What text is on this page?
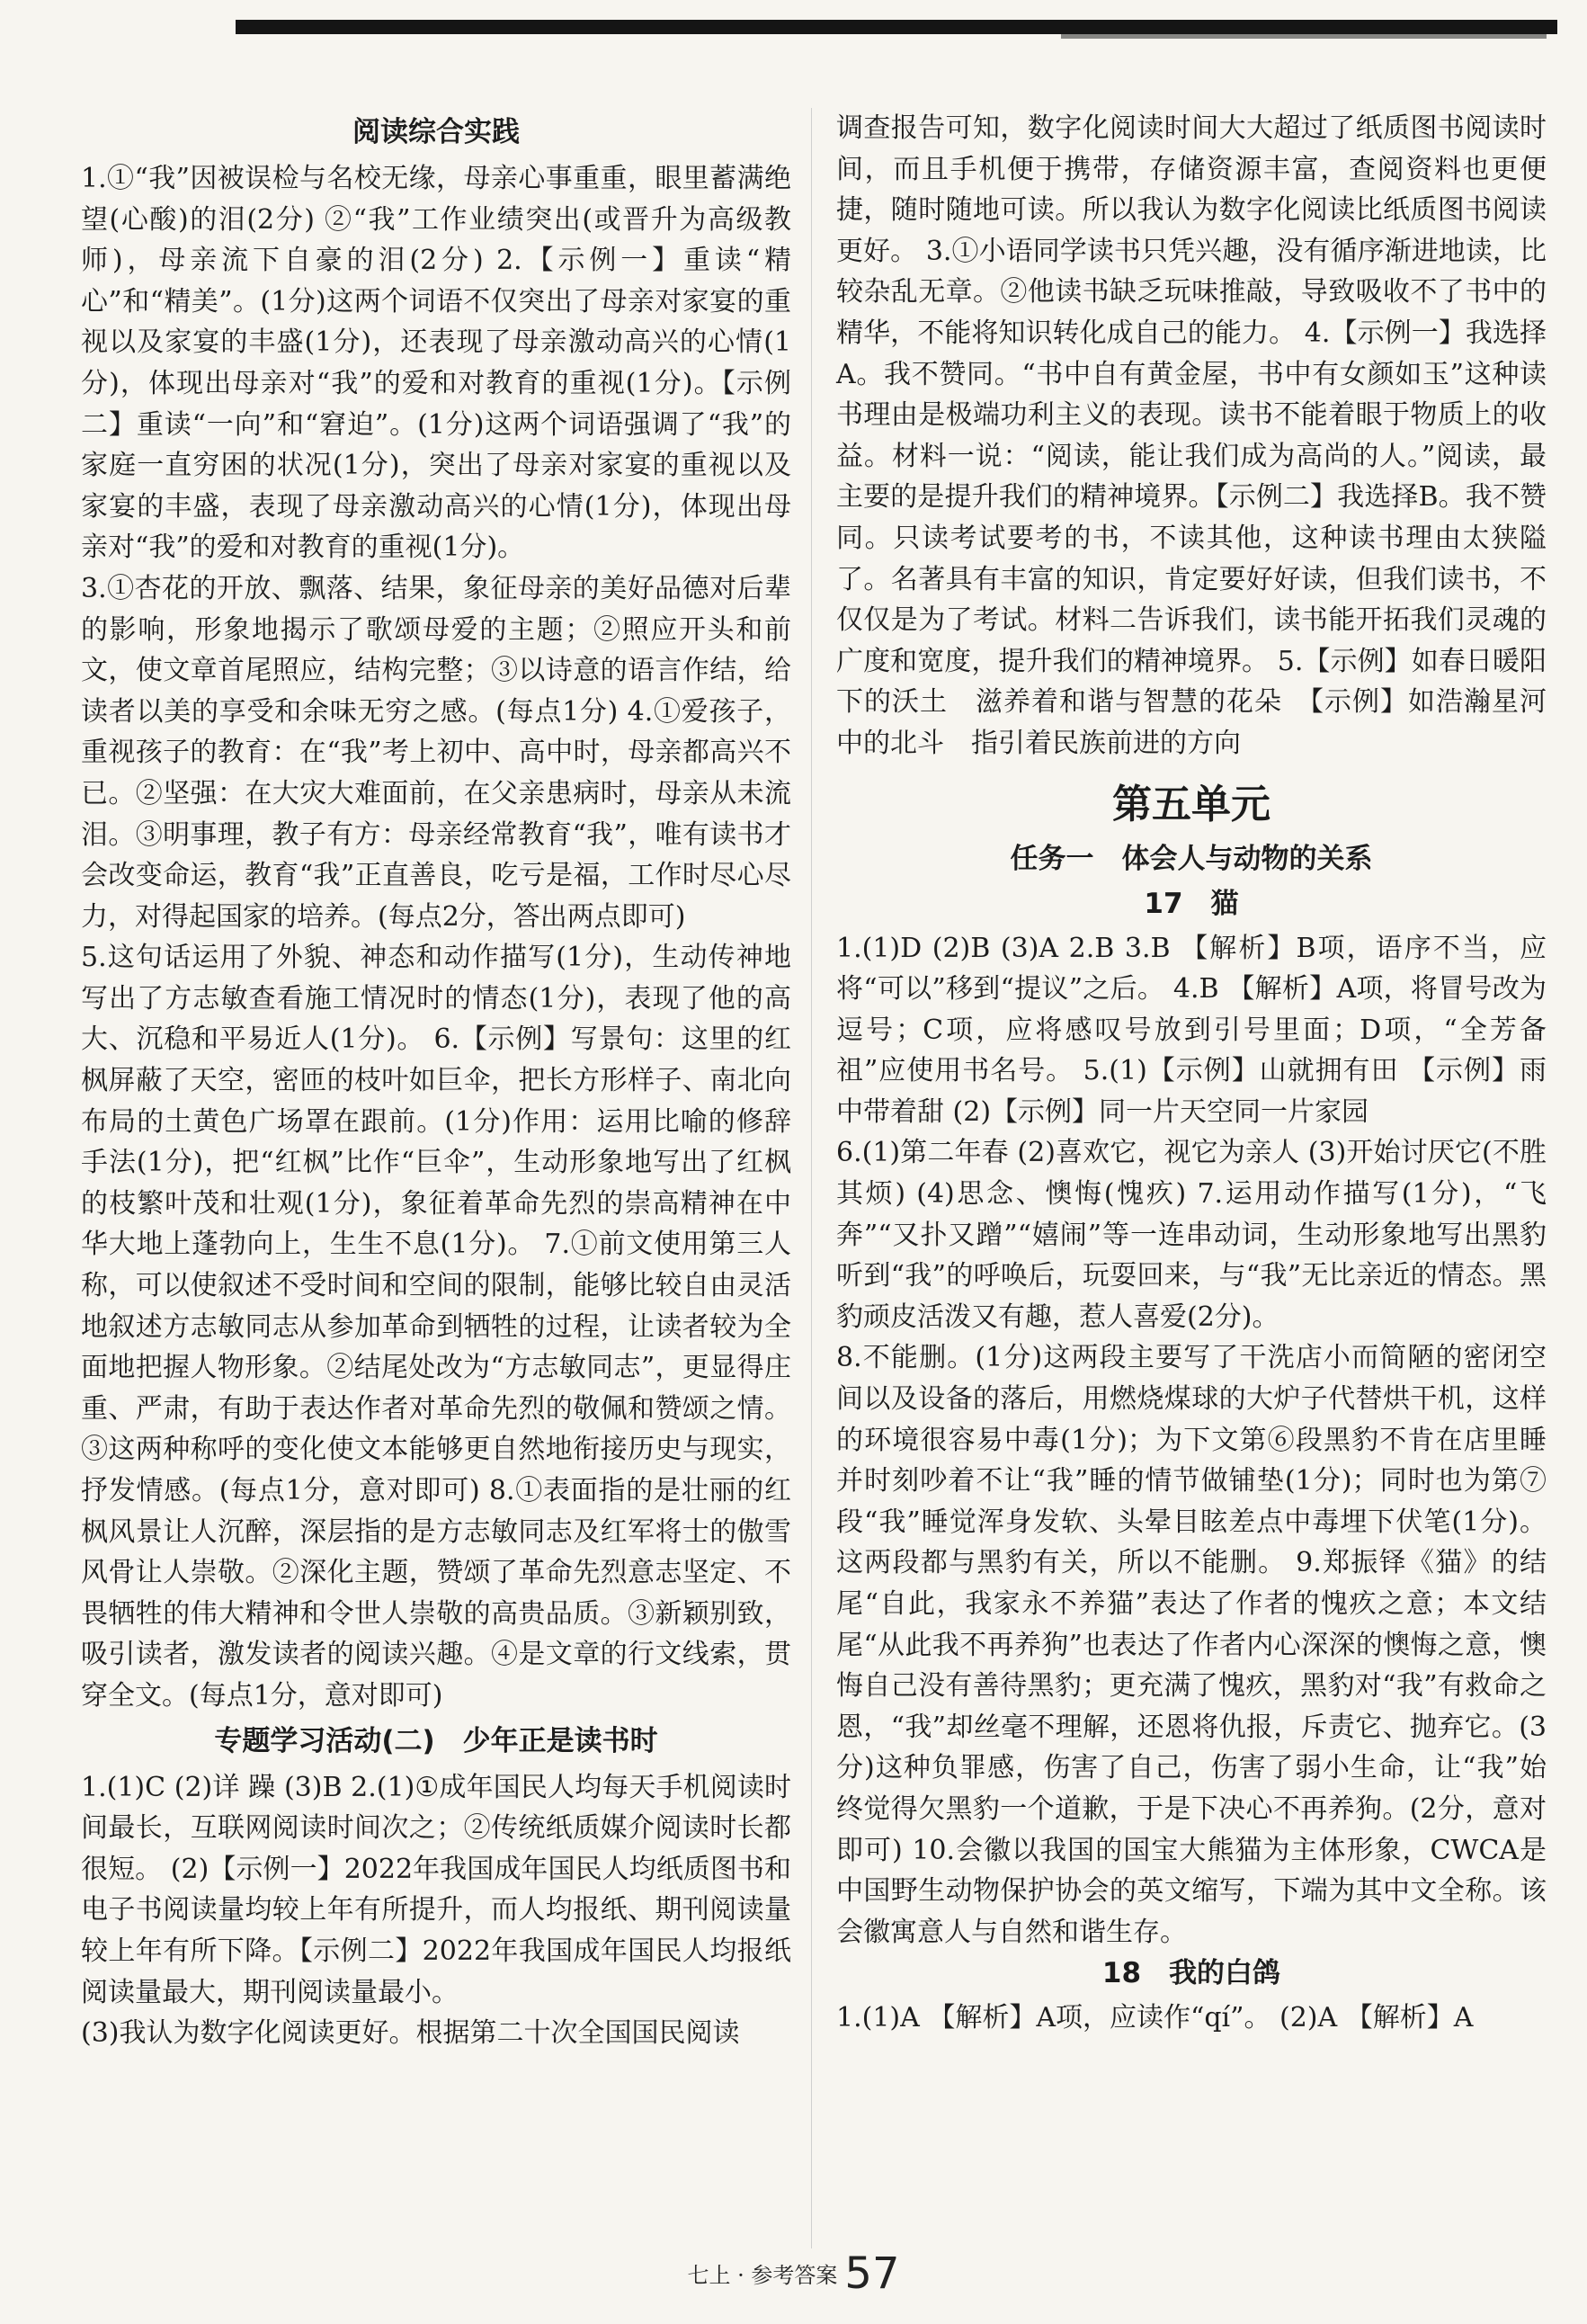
阅读综合实践

1.①“我”因被误检与名校无缘，母亲心事重重，眼里蓄满绝望(心酸)的泪(2分) ②“我”工作业绩突出(或晋升为高级教师)，母亲流下自豪的泪(2分) 2.【示例一】重读“精心”和“精美”。(1分)这两个词语不仅突出了母亲对家宴的重视以及家宴的丰盛(1分)，还表现了母亲激动高兴的心情(1分)，体现出母亲对“我”的爱和对教育的重视(1分)。【示例二】重读“一向”和“窘迫”。(1分)这两个词语强调了“我”的家庭一直穷困的状况(1分)，突出了母亲对家宴的重视以及家宴的丰盛，表现了母亲激动高兴的心情(1分)，体现出母亲对“我”的爱和对教育的重视(1分)。

3.①杏花的开放、飘落、结果，象征母亲的美好品德对后辈的影响，形象地揭示了歌颂母爱的主题；②照应开头和前文，使文章首尾照应，结构完整；③以诗意的语言作结，给读者以美的享受和余味无穷之感。(每点1分) 4.①爱孩子，重视孩子的教育：在“我”考上初中、高中时，母亲都高兴不已。②坚强：在大灾大难面前，在父亲患病时，母亲从未流泪。③明事理，教子有方：母亲经常教育“我”，唯有读书才会改变命运，教育“我”正直善良，吃亏是福，工作时尽心尽力，对得起国家的培养。(每点2分，答出两点即可)

5.这句话运用了外貌、神态和动作描写(1分)，生动传神地写出了方志敏查看施工情况时的情态(1分)，表现了他的高大、沉稳和平易近人(1分)。 6.【示例】写景句：这里的红枫屏蔽了天空，密匝的枝叶如巨伞，把长方形样子、南北向布局的土黄色广场罩在跟前。(1分)作用：运用比喻的修辞手法(1分)，把“红枫”比作“巨伞”，生动形象地写出了红枫的枝繁叶茂和壮观(1分)，象征着革命先烈的崇高精神在中华大地上蓬勃向上，生生不息(1分)。 7.①前文使用第三人称，可以使叙述不受时间和空间的限制，能够比较自由灵活地叙述方志敏同志从参加革命到牺牲的过程，让读者较为全面地把握人物形象。②结尾处改为“方志敏同志”，更显得庄重、严肃，有助于表达作者对革命先烈的敬佩和赞颂之情。③这两种称呼的变化使文本能够更自然地衔接历史与现实，抒发情感。(每点1分，意对即可) 8.①表面指的是壮丽的红枫风景让人沉醉，深层指的是方志敏同志及红军将士的傲雪风骨让人崇敬。②深化主题，赞颂了革命先烈意志坚定、不畏牺牲的伟大精神和令世人崇敬的高贵品质。③新颖别致，吸引读者，激发读者的阅读兴趣。④是文章的行文线索，贯穿全文。(每点1分，意对即可)

专题学习活动(二)　少年正是读书时

1.(1)C (2)详 躁 (3)B 2.(1)①成年国民人均每天手机阅读时间最长，互联网阅读时间次之；②传统纸质媒介阅读时长都很短。 (2)【示例一】2022年我国成年国民人均纸质图书和电子书阅读量均较上年有所提升，而人均报纸、期刊阅读量较上年有所下降。【示例二】2022年我国成年国民人均报纸阅读量最大，期刊阅读量最小。

(3)我认为数字化阅读更好。根据第二十次全国国民阅读

调查报告可知，数字化阅读时间大大超过了纸质图书阅读时间，而且手机便于携带，存储资源丰富，查阅资料也更便捷，随时随地可读。所以我认为数字化阅读比纸质图书阅读更好。 3.①小语同学读书只凭兴趣，没有循序渐进地读，比较杂乱无章。②他读书缺乏玩味推敲，导致吸收不了书中的精华，不能将知识转化成自己的能力。 4.【示例一】我选择A。我不赞同。“书中自有黄金屋，书中有女颜如玉”这种读书理由是极端功利主义的表现。读书不能着眼于物质上的收益。材料一说：“阅读，能让我们成为高尚的人。”阅读，最主要的是提升我们的精神境界。【示例二】我选择B。我不赞同。只读考试要考的书，不读其他，这种读书理由太狭隘了。名著具有丰富的知识，肯定要好好读，但我们读书，不仅仅是为了考试。材料二告诉我们，读书能开拓我们灵魂的广度和宽度，提升我们的精神境界。 5.【示例】如春日暖阳下的沃土　滋养着和谐与智慧的花朵　【示例】如浩瀚星河中的北斗　指引着民族前进的方向

第五单元
任务一　体会人与动物的关系
17　猫

1.(1)D (2)B (3)A 2.B 3.B 【解析】B项，语序不当，应将“可以”移到“提议”之后。 4.B 【解析】A项，将冒号改为逗号；C项，应将感叹号放到引号里面；D项，“全芳备祖”应使用书名号。 5.(1)【示例】山就拥有田 【示例】雨中带着甜 (2)【示例】同一片天空同一片家园

6.(1)第二年春 (2)喜欢它，视它为亲人 (3)开始讨厌它(不胜其烦) (4)思念、懊悔(愧疚) 7.运用动作描写(1分)，“飞奔”“又扑又蹭”“嬉闹”等一连串动词，生动形象地写出黑豹听到“我”的呼唤后，玩耍回来，与“我”无比亲近的情态。黑豹顽皮活泼又有趣，惹人喜爱(2分)。

8.不能删。(1分)这两段主要写了干洗店小而简陋的密闭空间以及设备的落后，用燃烧煤球的大炉子代替烘干机，这样的环境很容易中毒(1分)；为下文第⑥段黑豹不肯在店里睡并时刻吵着不让“我”睡的情节做铺垫(1分)；同时也为第⑦段“我”睡觉浑身发软、头晕目眩差点中毒埋下伏笔(1分)。这两段都与黑豹有关，所以不能删。 9.郑振铎《猫》的结尾“自此，我家永不养猫”表达了作者的愧疚之意；本文结尾“从此我不再养狗”也表达了作者内心深深的懊悔之意，懊悔自己没有善待黑豹；更充满了愧疚，黑豹对“我”有救命之恩，“我”却丝毫不理解，还恩将仇报，斥责它、抛弃它。(3分)这种负罪感，伤害了自己，伤害了弱小生命，让“我”始终觉得欠黑豹一个道歉，于是下决心不再养狗。(2分，意对即可) 10.会徽以我国的国宝大熊猫为主体形象，CWCA是中国野生动物保护协会的英文缩写，下端为其中文全称。该会徽寓意人与自然和谐生存。

18　我的白鸽

1.(1)A 【解析】A项，应读作“qí”。 (2)A 【解析】A

七上 · 参考答案 57
